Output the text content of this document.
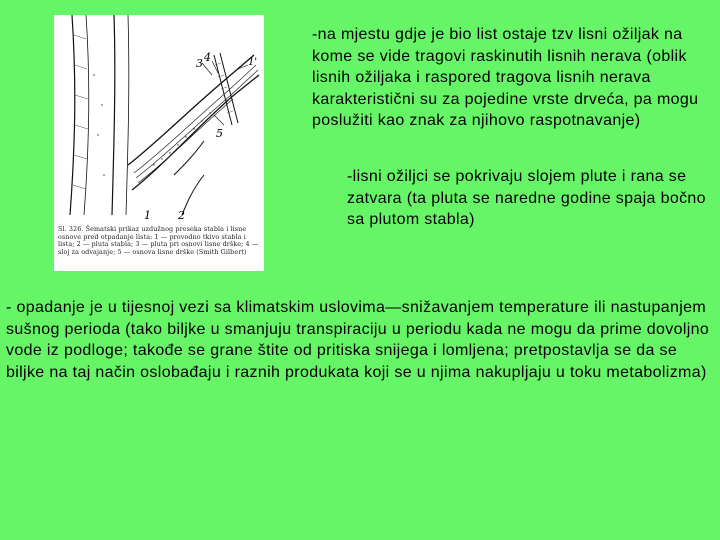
3 4	1'
5
1 2
Sl. 326. Šematski prikaz uzdužnog preseka stabla i lisne osnove pred otpadanje lista: 1 — provodno tkivo stabla i lista; 2 — pluta stabla; 3 — pluta pri osnovi lisne drške; 4 — sloj za odvajanje; 5 — osnova lisne drške (Smith Gilbert)

-na mjestu gdje je bio list ostaje tzv lisni ožiljak na kome se vide tragovi raskinutih lisnih nerava (oblik lisnih ožiljaka i raspored tragova lisnih nerava karakteristični su za pojedine vrste drveća, pa mogu poslužiti kao znak za njihovo raspotnavanje)

-lisni ožiljci se pokrivaju slojem plute i rana se zatvara (ta pluta se naredne godine spaja bočno sa plutom stabla)

- opadanje je u tijesnoj vezi sa klimatskim uslovima—snižavanjem temperature ili nastupanjem sušnog perioda (tako biljke u smanjuju transpiraciju u periodu kada ne mogu da prime dovoljno vode iz podloge; takođe se grane štite od pritiska snijega i lomljena; pretpostavlja se da se biljke na taj način oslobađaju i raznih produkata koji se u njima nakupljaju u toku metabolizma)
